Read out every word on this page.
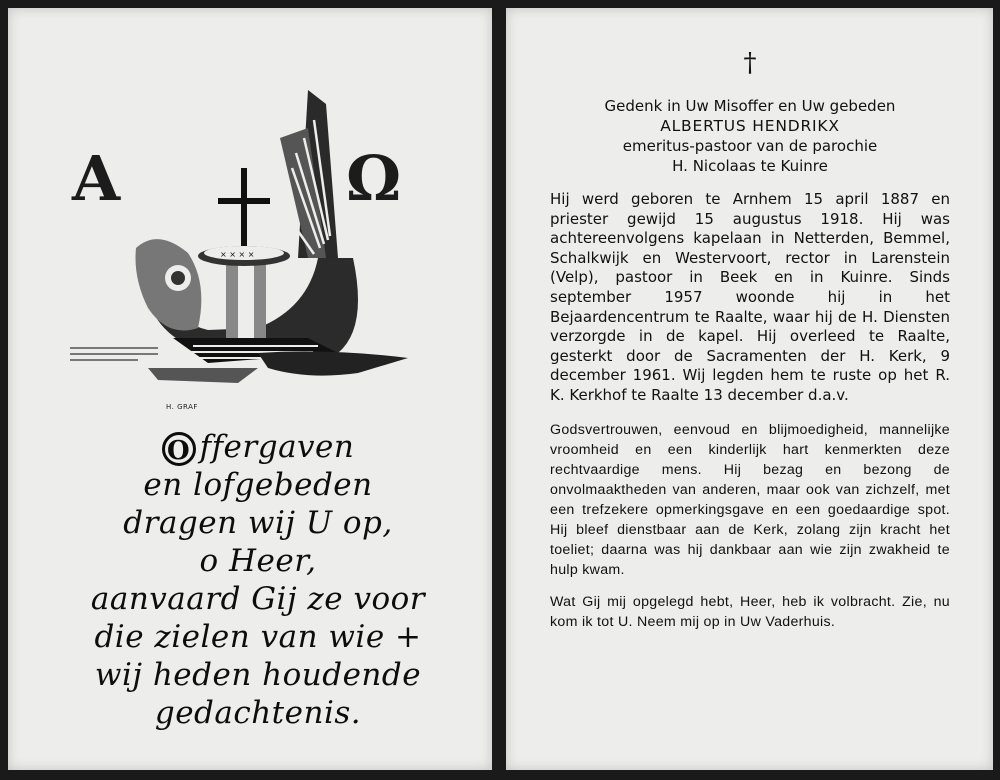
× × × ×
A	Ω
H. GRAF
O ffergaven
en lofgebeden
dragen wij U op,
o Heer,
aanvaard Gij ze voor
die zielen van wie +
wij heden houdende
gedachtenis.
†

Gedenk in Uw Misoffer en Uw gebeden

ALBERTUS HENDRIKX

emeritus-pastoor van de parochie

H. Nicolaas te Kuinre

Hij werd geboren te Arnhem 15 april 1887 en priester gewijd 15 augustus 1918. Hij was achtereenvolgens kapelaan in Netterden, Bemmel, Schalkwijk en Westervoort, rector in Larenstein (Velp), pastoor in Beek en in Kuinre. Sinds september 1957 woonde hij in het Bejaardencentrum te Raalte, waar hij de H. Diensten verzorgde in de kapel. Hij overleed te Raalte, gesterkt door de Sacramenten der H. Kerk, 9 december 1961. Wij legden hem te ruste op het R. K. Kerkhof te Raalte 13 december d.a.v.
Godsvertrouwen, eenvoud en blijmoedigheid, mannelijke vroomheid en een kinderlijk hart kenmerkten deze rechtvaardige mens. Hij bezag en bezong de onvolmaaktheden van anderen, maar ook van zichzelf, met een trefzekere opmerkingsgave en een goedaardige spot. Hij bleef dienstbaar aan de Kerk, zolang zijn kracht het toeliet; daarna was hij dankbaar aan wie zijn zwakheid te hulp kwam.
Wat Gij mij opgelegd hebt, Heer, heb ik volbracht. Zie, nu kom ik tot U. Neem mij op in Uw Vaderhuis.
